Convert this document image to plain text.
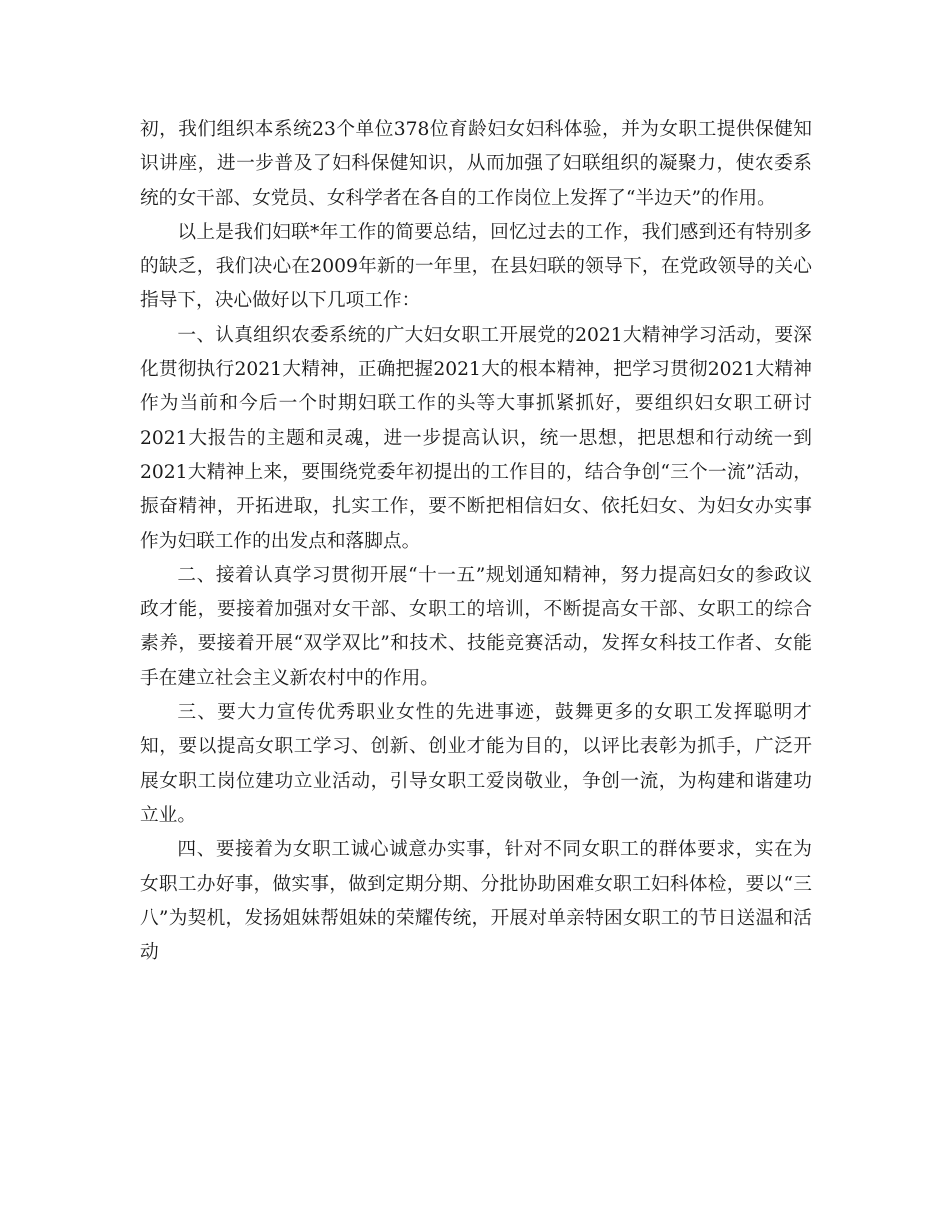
初，我们组织本系统23个单位378位育龄妇女妇科体验，并为女职工提供保健知识讲座，进一步普及了妇科保健知识，从而加强了妇联组织的凝聚力，使农委系统的女干部、女党员、女科学者在各自的工作岗位上发挥了“半边天”的作用。

以上是我们妇联*年工作的简要总结，回忆过去的工作，我们感到还有特别多的缺乏，我们决心在2009年新的一年里，在县妇联的领导下，在党政领导的关心指导下，决心做好以下几项工作：

一、认真组织农委系统的广大妇女职工开展党的2021大精神学习活动，要深化贯彻执行2021大精神，正确把握2021大的根本精神，把学习贯彻2021大精神作为当前和今后一个时期妇联工作的头等大事抓紧抓好，要组织妇女职工研讨2021大报告的主题和灵魂，进一步提高认识，统一思想，把思想和行动统一到2021大精神上来，要围绕党委年初提出的工作目的，结合争创“三个一流”活动，振奋精神，开拓进取，扎实工作，要不断把相信妇女、依托妇女、为妇女办实事作为妇联工作的出发点和落脚点。

二、接着认真学习贯彻开展“十一五”规划通知精神，努力提高妇女的参政议政才能，要接着加强对女干部、女职工的培训，不断提高女干部、女职工的综合素养，要接着开展“双学双比”和技术、技能竞赛活动，发挥女科技工作者、女能手在建立社会主义新农村中的作用。

三、要大力宣传优秀职业女性的先进事迹，鼓舞更多的女职工发挥聪明才知，要以提高女职工学习、创新、创业才能为目的，以评比表彰为抓手，广泛开展女职工岗位建功立业活动，引导女职工爱岗敬业，争创一流，为构建和谐建功立业。

四、要接着为女职工诚心诚意办实事，针对不同女职工的群体要求，实在为女职工办好事，做实事，做到定期分期、分批协助困难女职工妇科体检，要以“三八”为契机，发扬姐妹帮姐妹的荣耀传统，开展对单亲特困女职工的节日送温和活动
